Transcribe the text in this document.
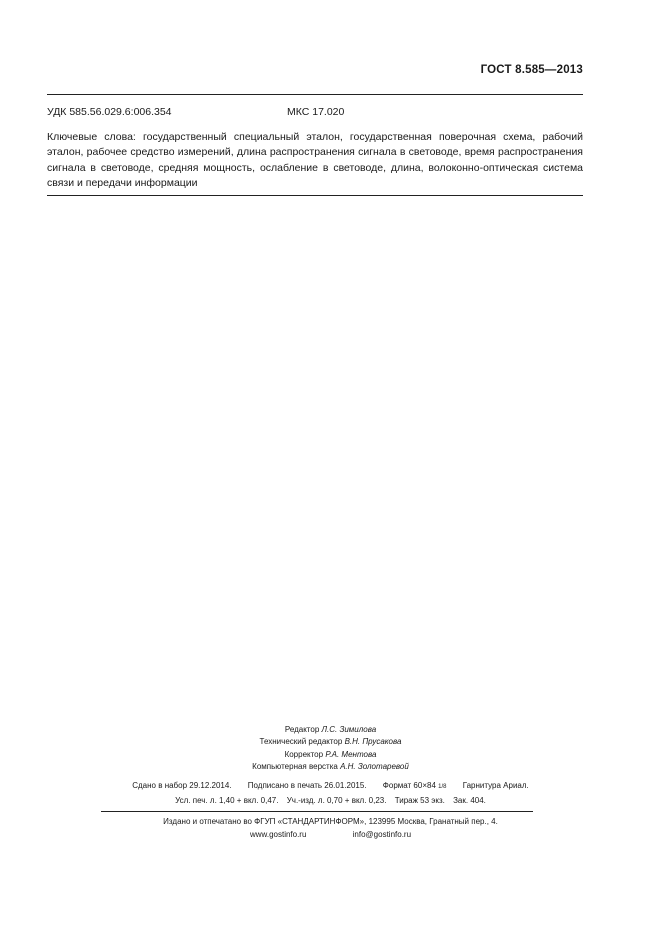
ГОСТ 8.585—2013
УДК 585.56.029.6:006.354	МКС 17.020
Ключевые слова: государственный специальный эталон, государственная поверочная схема, рабочий эталон, рабочее средство измерений, длина распространения сигнала в световоде, время распространения сигнала в световоде, средняя мощность, ослабление в световоде, длина, волоконно-оптическая система связи и передачи информации
Редактор Л.С. Зимилова
Технический редактор В.Н. Прусакова
Корректор Р.А. Ментова
Компьютерная верстка А.Н. Золотаревой
Сдано в набор 29.12.2014. Подписано в печать 26.01.2015. Формат 60×84 1/8 Гарнитура Ариал.
Усл. печ. л. 1,40 + вкл. 0,47. Уч.-изд. л. 0,70 + вкл. 0,23. Тираж 53 экз. Зак. 404.
Издано и отпечатано во ФГУП «СТАНДАРТИНФОРМ», 123995 Москва, Гранатный пер., 4.
www.gostinfo.ru	info@gostinfo.ru
